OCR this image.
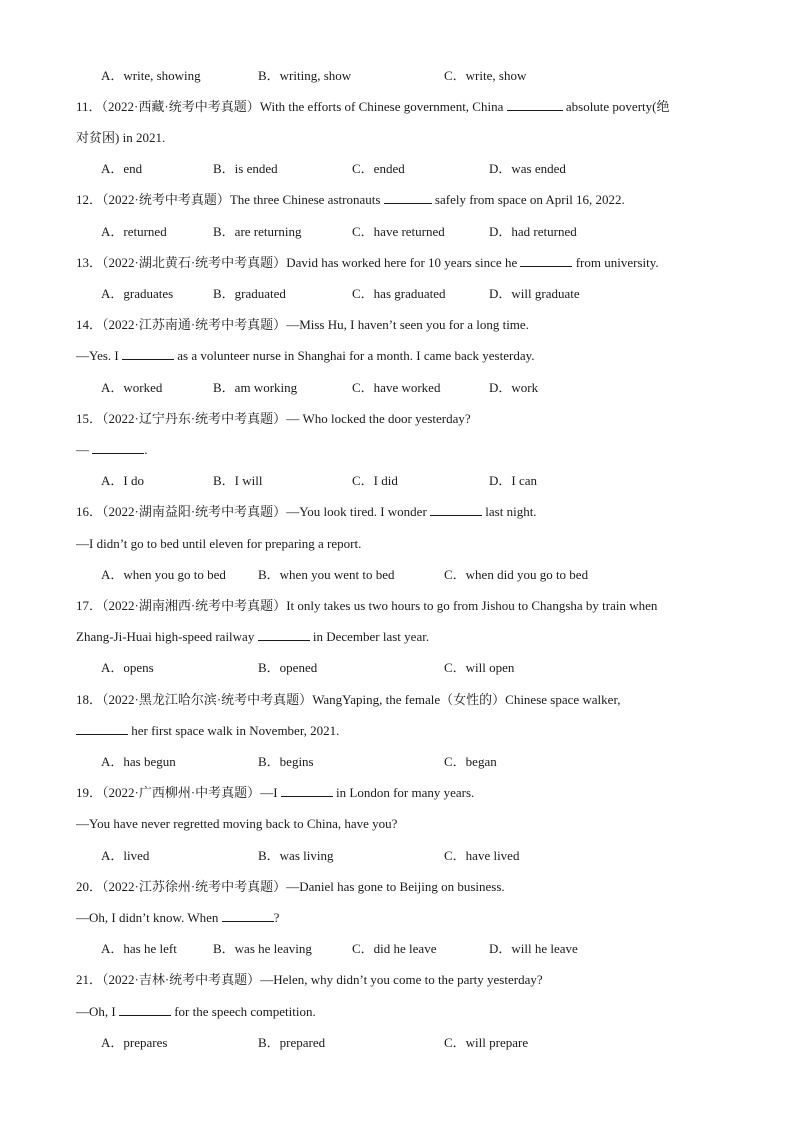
A．write, showing	B．writing, show	C．write, show
11．（2022·西藏·统考中考真题）With the efforts of Chinese government, China	absolute poverty(绝
对贫困) in 2021.
A．end	B．is ended	C．ended	D．was ended
12．（2022·统考中考真题）The three Chinese astronauts	safely from space on April 16, 2022.
A．returned	B．are returning	C．have returned	D．had returned
13．（2022·湖北黄石·统考中考真题）David has worked here for 10 years since he	from university.
A．graduates	B．graduated	C．has graduated	D．will graduate
14．（2022·江苏南通·统考中考真题）—Miss Hu, I haven’t seen you for a long time.
—Yes. I	as a volunteer nurse in Shanghai for a month. I came back yesterday.
A．worked	B．am working	C．have worked	D．work
15．（2022·辽宁丹东·统考中考真题）— Who locked the door yesterday?
—	.
A．I do	B．I will	C．I did	D．I can
16．（2022·湖南益阳·统考中考真题）—You look tired. I wonder	last night.
—I didn’t go to bed until eleven for preparing a report.
A．when you go to bed B．when you went to bed	C．when did you go to bed
17．（2022·湖南湘西·统考中考真题）It only takes us two hours to go from Jishou to Changsha by train when
Zhang-Ji-Huai high-speed railway	in December last year.
A．opens	B．opened	C．will open
18．（2022·黑龙江哈尔滨·统考中考真题）WangYaping, the female（女性的）Chinese space walker,
her first space walk in November, 2021.
A．has begun	B．begins	C．began
19．（2022·广西柳州·中考真题）—I	in London for many years.
—You have never regretted moving back to China, have you?
A．lived	B．was living	C．have lived
20．（2022·江苏徐州·统考中考真题）—Daniel has gone to Beijing on business.
—Oh, I didn’t know. When	?
A．has he left	B．was he leaving	C．did he leave	D．will he leave
21．（2022·吉林·统考中考真题）—Helen, why didn’t you come to the party yesterday?
—Oh, I	for the speech competition.
A．prepares	B．prepared	C．will prepare
